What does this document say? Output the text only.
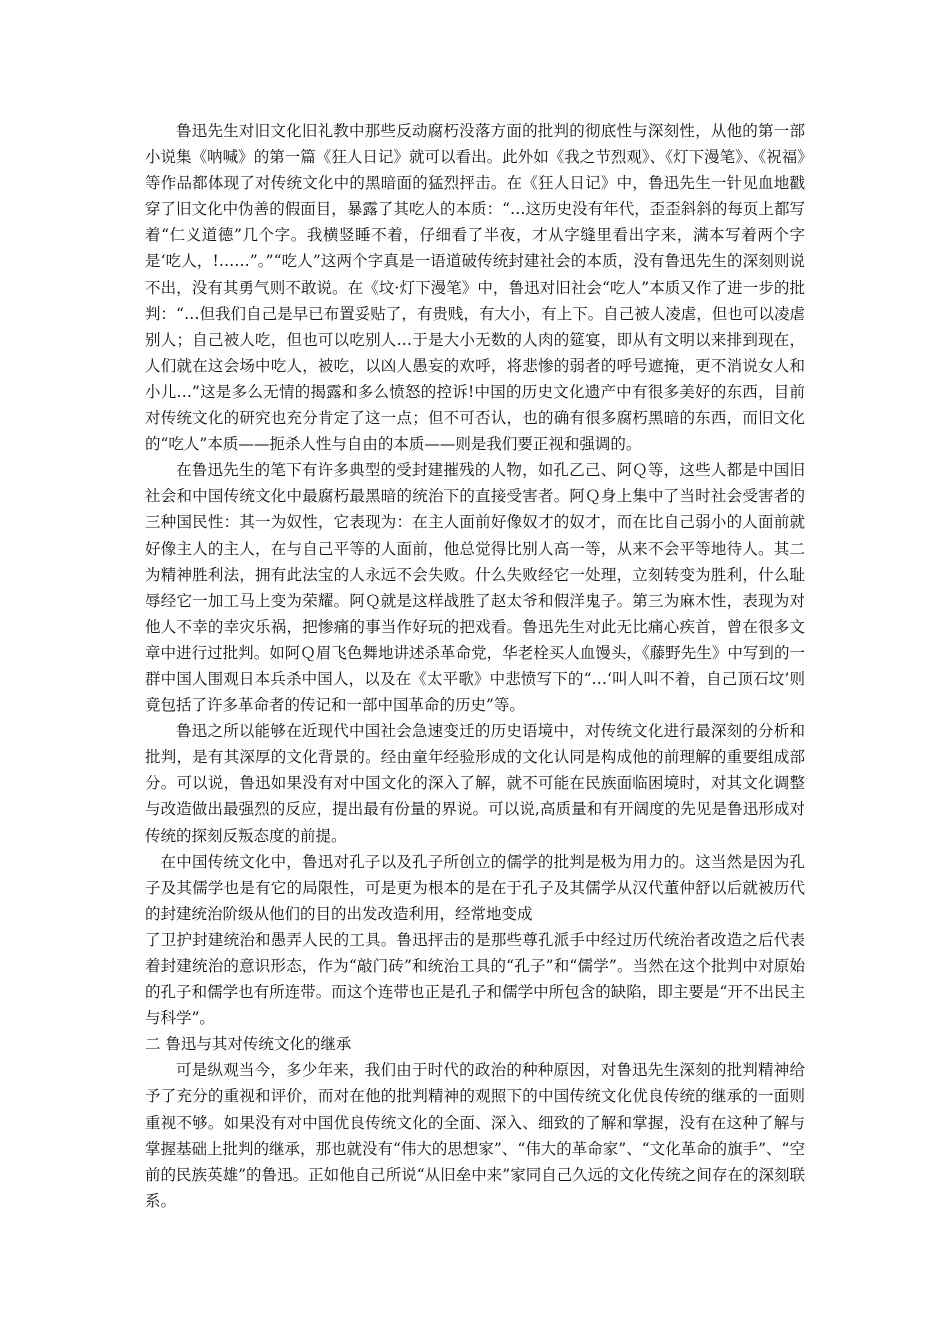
鲁迅先生对旧文化旧礼教中那些反动腐朽没落方面的批判的彻底性与深刻性，从他的第一部小说集《呐喊》的第一篇《狂人日记》就可以看出。此外如《我之节烈观》、《灯下漫笔》、《祝福》等作品都体现了对传统文化中的黑暗面的猛烈抨击。在《狂人日记》中，鲁迅先生一针见血地戳穿了旧文化中伪善的假面目，暴露了其吃人的本质：“…这历史没有年代，歪歪斜斜的每页上都写着“仁义道德”几个字。我横竖睡不着，仔细看了半夜，才从字缝里看出字来，满本写着两个字是‘吃人，!……”。”“吃人”这两个字真是一语道破传统封建社会的本质，没有鲁迅先生的深刻则说不出，没有其勇气则不敢说。在《坟·灯下漫笔》中，鲁迅对旧社会“吃人”本质又作了进一步的批判：“…但我们自己是早已布置妥贴了，有贵贱，有大小，有上下。自己被人凌虐，但也可以凌虐别人；自己被人吃，但也可以吃别人…于是大小无数的人肉的筵宴，即从有文明以来排到现在，人们就在这会场中吃人，被吃，以凶人愚妄的欢呼，将悲惨的弱者的呼号遮掩，更不消说女人和小儿…”这是多么无情的揭露和多么愤怒的控诉!中国的历史文化遗产中有很多美好的东西，目前对传统文化的研究也充分肯定了这一点；但不可否认，也的确有很多腐朽黑暗的东西，而旧文化的“吃人”本质——扼杀人性与自由的本质——则是我们要正视和强调的。

在鲁迅先生的笔下有许多典型的受封建摧残的人物，如孔乙己、阿Ｑ等，这些人都是中国旧社会和中国传统文化中最腐朽最黑暗的统治下的直接受害者。阿Ｑ身上集中了当时社会受害者的三种国民性：其一为奴性，它表现为：在主人面前好像奴才的奴才，而在比自己弱小的人面前就好像主人的主人，在与自己平等的人面前，他总觉得比别人高一等，从来不会平等地待人。其二为精神胜利法，拥有此法宝的人永远不会失败。什么失败经它一处理，立刻转变为胜利，什么耻辱经它一加工马上变为荣耀。阿Ｑ就是这样战胜了赵太爷和假洋鬼子。第三为麻木性，表现为对他人不幸的幸灾乐祸，把惨痛的事当作好玩的把戏看。鲁迅先生对此无比痛心疾首，曾在很多文章中进行过批判。如阿Ｑ眉飞色舞地讲述杀革命党，华老栓买人血馒头，《藤野先生》中写到的一群中国人围观日本兵杀中国人，以及在《太平歌》中悲愤写下的“…‘叫人叫不着，自己顶石坟’则竟包括了许多革命者的传记和一部中国革命的历史”等。

鲁迅之所以能够在近现代中国社会急速变迁的历史语境中，对传统文化进行最深刻的分析和批判，是有其深厚的文化背景的。经由童年经验形成的文化认同是构成他的前理解的重要组成部分。可以说，鲁迅如果没有对中国文化的深入了解，就不可能在民族面临困境时，对其文化调整与改造做出最强烈的反应，提出最有份量的界说。可以说,高质量和有开阔度的先见是鲁迅形成对传统的探刻反叛态度的前提。

在中国传统文化中，鲁迅对孔子以及孔子所创立的儒学的批判是极为用力的。这当然是因为孔子及其儒学也是有它的局限性，可是更为根本的是在于孔子及其儒学从汉代董仲舒以后就被历代的封建统治阶级从他们的目的出发改造利用，经常地变成

了卫护封建统治和愚弄人民的工具。鲁迅抨击的是那些尊孔派手中经过历代统治者改造之后代表着封建统治的意识形态，作为“敲门砖”和统治工具的“孔子”和“儒学”。当然在这个批判中对原始的孔子和儒学也有所连带。而这个连带也正是孔子和儒学中所包含的缺陷，即主要是“开不出民主与科学”。

二 鲁迅与其对传统文化的继承

可是纵观当今，多少年来，我们由于时代的政治的种种原因，对鲁迅先生深刻的批判精神给予了充分的重视和评价，而对在他的批判精神的观照下的中国传统文化优良传统的继承的一面则重视不够。如果没有对中国优良传统文化的全面、深入、细致的了解和掌握，没有在这种了解与掌握基础上批判的继承，那也就没有“伟大的思想家”、“伟大的革命家”、“文化革命的旗手”、“空前的民族英雄”的鲁迅。正如他自己所说“从旧垒中来”家同自己久远的文化传统之间存在的深刻联系。
